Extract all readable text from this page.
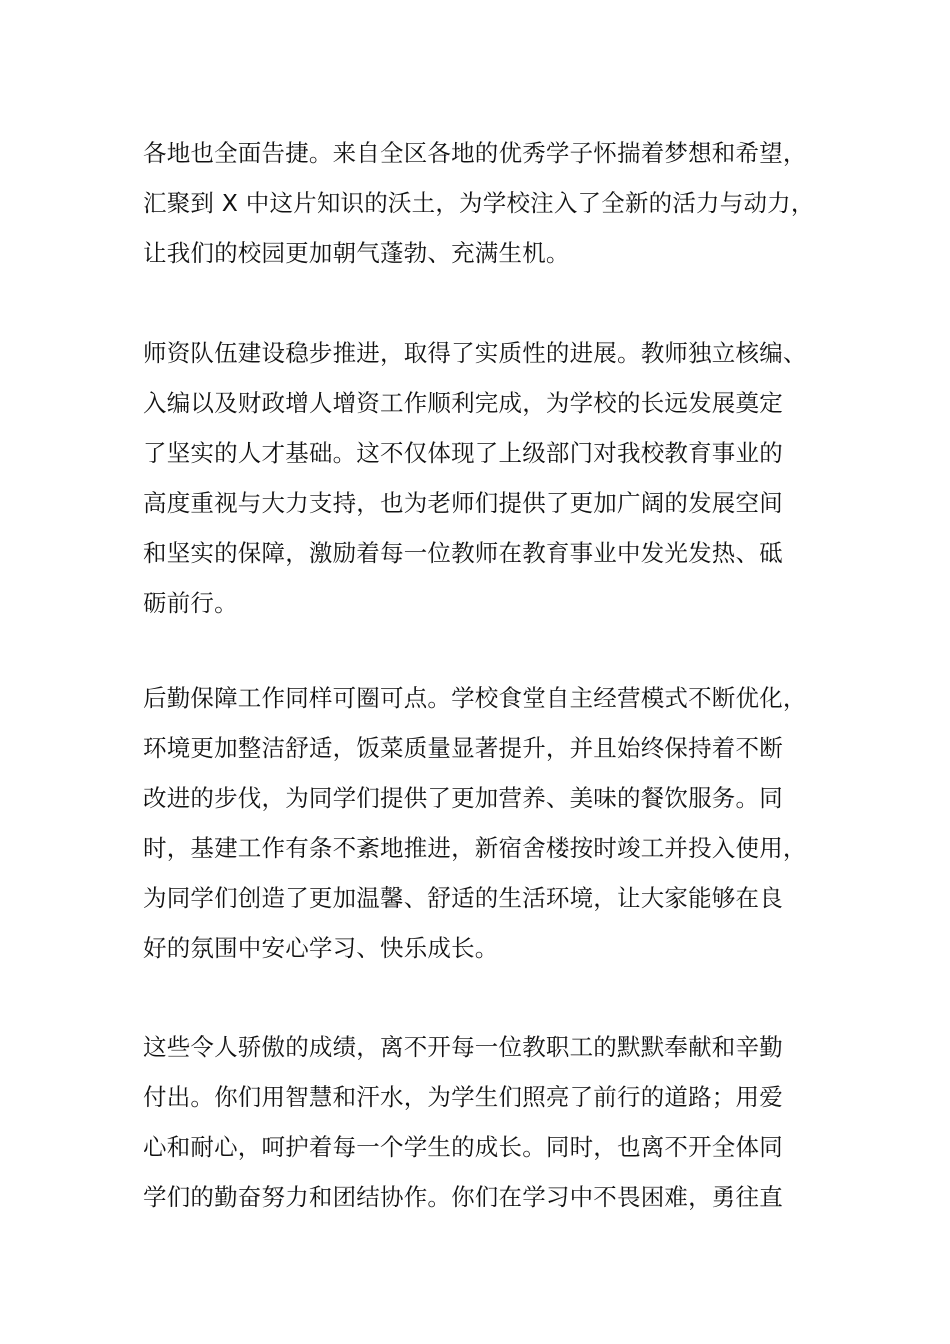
各地也全面告捷。来自全区各地的优秀学子怀揣着梦想和希望，
汇聚到 X 中这片知识的沃土，为学校注入了全新的活力与动力，
让我们的校园更加朝气蓬勃、充满生机。
师资队伍建设稳步推进，取得了实质性的进展。教师独立核编、
入编以及财政增人增资工作顺利完成，为学校的长远发展奠定
了坚实的人才基础。这不仅体现了上级部门对我校教育事业的
高度重视与大力支持，也为老师们提供了更加广阔的发展空间
和坚实的保障，激励着每一位教师在教育事业中发光发热、砥
砺前行。
后勤保障工作同样可圈可点。学校食堂自主经营模式不断优化，
环境更加整洁舒适，饭菜质量显著提升，并且始终保持着不断
改进的步伐，为同学们提供了更加营养、美味的餐饮服务。同
时，基建工作有条不紊地推进，新宿舍楼按时竣工并投入使用，
为同学们创造了更加温馨、舒适的生活环境，让大家能够在良
好的氛围中安心学习、快乐成长。
这些令人骄傲的成绩，离不开每一位教职工的默默奉献和辛勤
付出。你们用智慧和汗水，为学生们照亮了前行的道路；用爱
心和耐心，呵护着每一个学生的成长。同时，也离不开全体同
学们的勤奋努力和团结协作。你们在学习中不畏困难，勇往直
